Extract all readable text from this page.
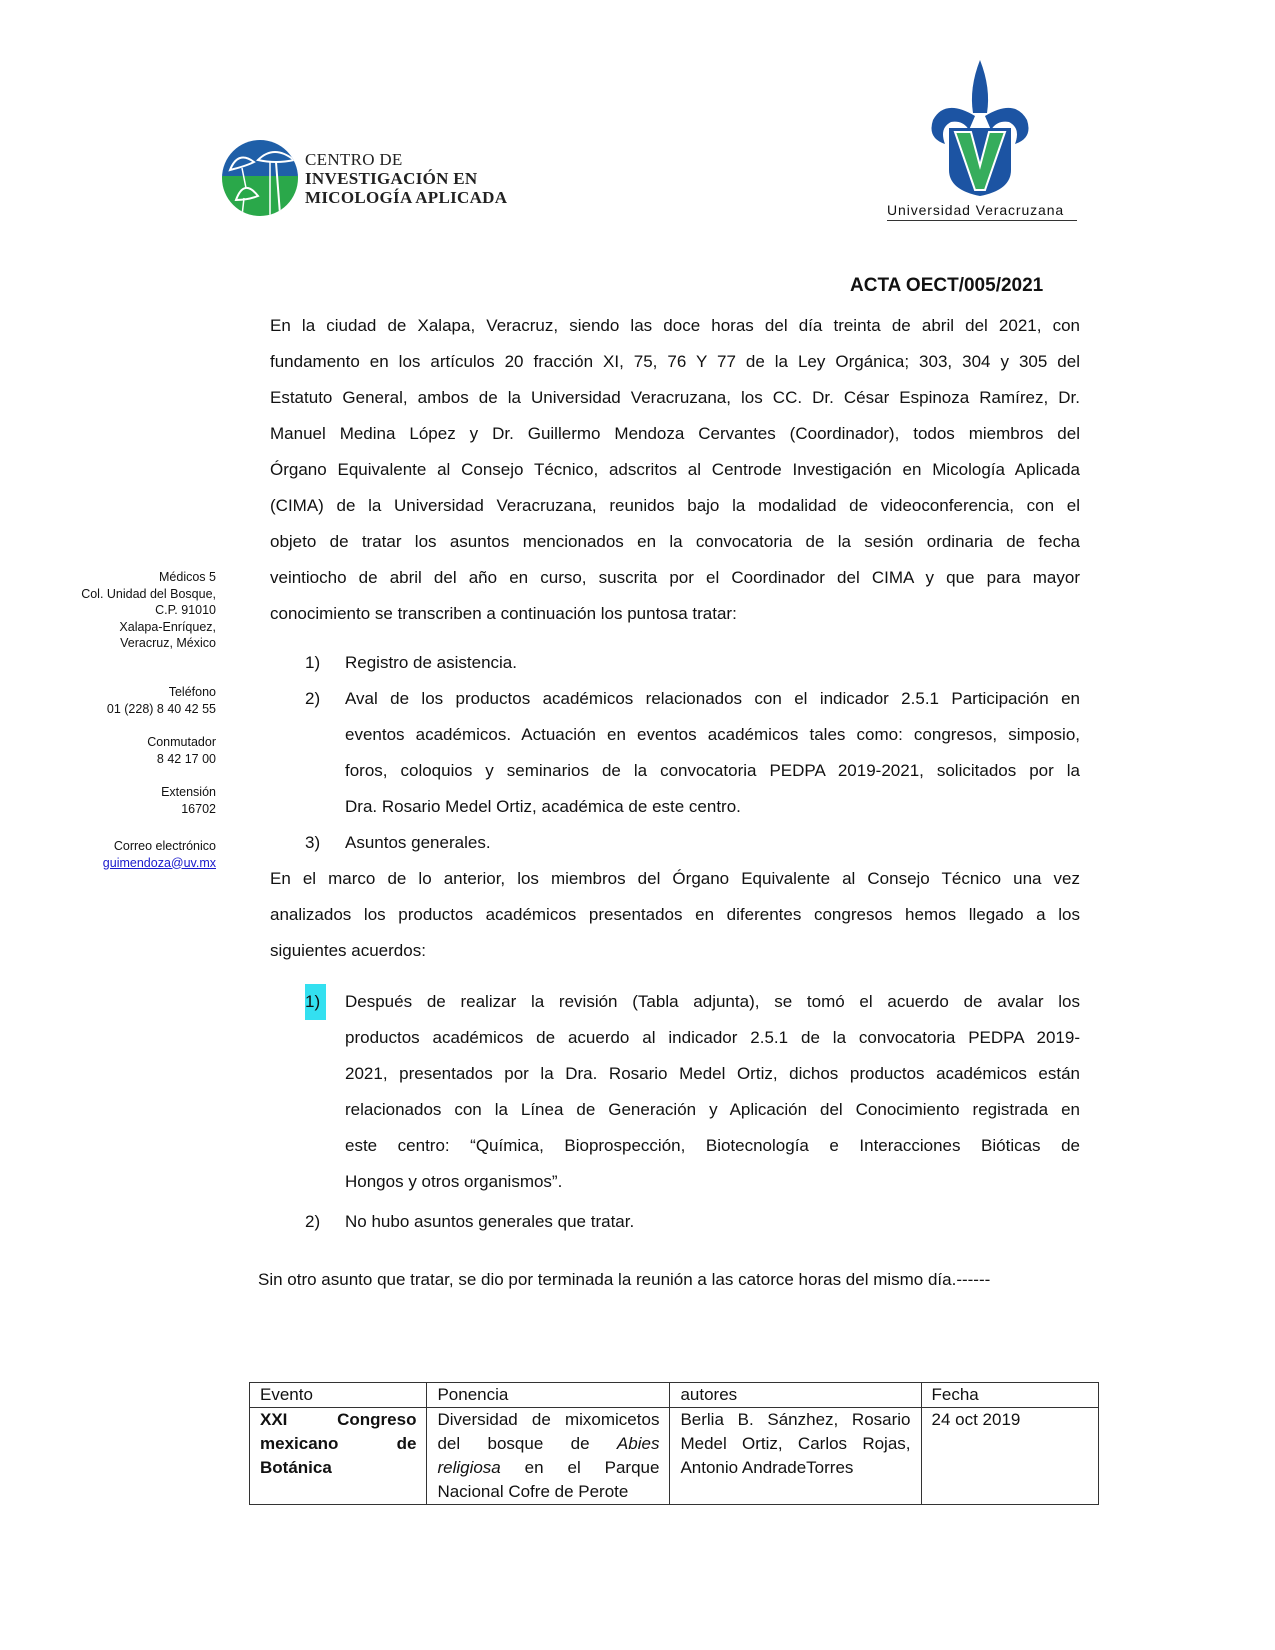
CENTRO DE
INVESTIGACIÓN EN
MICOLOGÍA APLICADA
Universidad Veracruzana
Médicos 5
Col. Unidad del Bosque,
C.P. 91010
Xalapa-Enríquez,
Veracruz, México
Teléfono
01 (228) 8 40 42 55
Conmutador
8 42 17 00
Extensión
16702
Correo electrónico
guimendoza@uv.mx
ACTA OECT/005/2021
En la ciudad de Xalapa, Veracruz, siendo las doce horas del día treinta de abril del 2021, con
fundamento en los artículos 20 fracción XI, 75, 76 Y 77 de la Ley Orgánica; 303, 304 y 305 del
Estatuto General, ambos de la Universidad Veracruzana, los CC. Dr. César Espinoza Ramírez, Dr.
Manuel Medina López y Dr. Guillermo Mendoza Cervantes (Coordinador), todos miembros del
Órgano Equivalente al Consejo Técnico, adscritos al Centrode Investigación en Micología Aplicada
(CIMA) de la Universidad Veracruzana, reunidos bajo la modalidad de videoconferencia, con el
objeto de tratar los asuntos mencionados en la convocatoria de la sesión ordinaria de fecha
veintiocho de abril del año en curso, suscrita por el Coordinador del CIMA y que para mayor
conocimiento se transcriben a continuación los puntosa tratar:
1) Registro de asistencia.
2) Aval de los productos académicos relacionados con el indicador 2.5.1 Participación en
eventos académicos. Actuación en eventos académicos tales como: congresos, simposio,
foros, coloquios y seminarios de la convocatoria PEDPA 2019-2021, solicitados por la
Dra. Rosario Medel Ortiz, académica de este centro.
3) Asuntos generales.
En el marco de lo anterior, los miembros del Órgano Equivalente al Consejo Técnico una vez
analizados los productos académicos presentados en diferentes congresos hemos llegado a los
siguientes acuerdos:
1)	Después de realizar la revisión (Tabla adjunta), se tomó el acuerdo de avalar los
productos académicos de acuerdo al indicador 2.5.1 de la convocatoria PEDPA 2019-
2021, presentados por la Dra. Rosario Medel Ortiz, dichos productos académicos están
relacionados con la Línea de Generación y Aplicación del Conocimiento registrada en
este centro: “Química, Bioprospección, Biotecnología e Interacciones Bióticas de
Hongos y otros organismos”.
2) No hubo asuntos generales que tratar.
Sin otro asunto que tratar, se dio por terminada la reunión a las catorce horas del mismo día.------
Evento	Ponencia	autores	Fecha
XXI Congreso mexicano de Botánica	Diversidad de mixomicetos del bosque de Abies religiosa en el Parque Nacional Cofre de Perote	Berlia B. Sánzhez, Rosario Medel Ortiz, Carlos Rojas, Antonio AndradeTorres	24 oct 2019
